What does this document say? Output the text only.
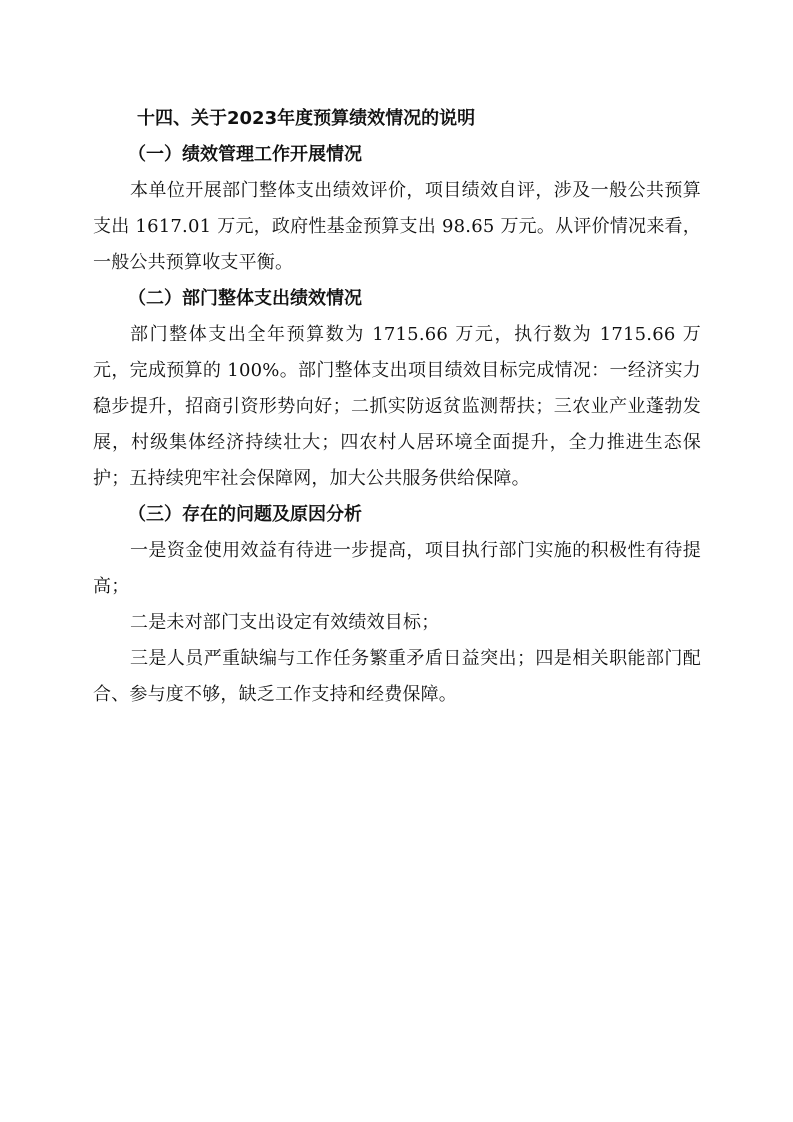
十四、关于2023年度预算绩效情况的说明
（一）绩效管理工作开展情况

本单位开展部门整体支出绩效评价，项目绩效自评，涉及一般公共预算支出 1617.01 万元，政府性基金预算支出 98.65 万元。从评价情况来看，一般公共预算收支平衡。

（二）部门整体支出绩效情况

部门整体支出全年预算数为 1715.66 万元，执行数为 1715.66 万元，完成预算的 100%。部门整体支出项目绩效目标完成情况：一经济实力稳步提升，招商引资形势向好；二抓实防返贫监测帮扶；三农业产业蓬勃发展，村级集体经济持续壮大；四农村人居环境全面提升，全力推进生态保护；五持续兜牢社会保障网，加大公共服务供给保障。

（三）存在的问题及原因分析

一是资金使用效益有待进一步提高，项目执行部门实施的积极性有待提高；

二是未对部门支出设定有效绩效目标；

三是人员严重缺编与工作任务繁重矛盾日益突出；四是相关职能部门配合、参与度不够，缺乏工作支持和经费保障。
